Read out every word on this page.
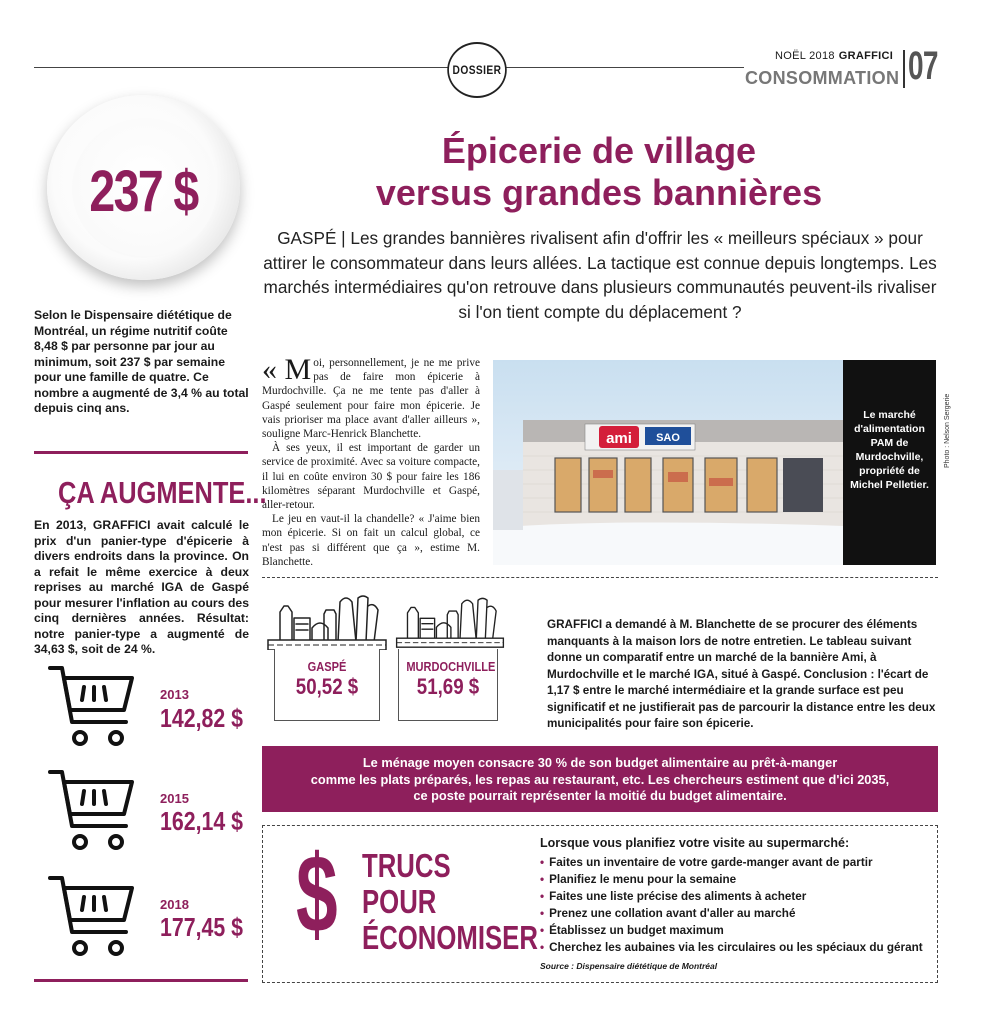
DOSSIER
NOËL 2018 GRAFFICI
CONSOMMATION 07
237 $
Selon le Dispensaire diététique de Montréal, un régime nutritif coûte 8,48 $ par personne par jour au minimum, soit 237 $ par semaine pour une famille de quatre. Ce nombre a augmenté de 3,4 % au total depuis cinq ans.
ÇA AUGMENTE...
En 2013, GRAFFICI avait calculé le prix d'un panier-type d'épicerie à divers endroits dans la province. On a refait le même exercice à deux reprises au marché IGA de Gaspé pour mesurer l'inflation au cours des cinq dernières années. Résultat: notre panier-type a augmenté de 34,63 $, soit de 24 %.
2013
142,82 $
2015
162,14 $
2018
177,45 $
Épicerie de village
versus grandes bannières
GASPÉ | Les grandes bannières rivalisent afin d'offrir les « meilleurs spéciaux » pour attirer le consommateur dans leurs allées. La tactique est connue depuis longtemps. Les marchés intermédiaires qu'on retrouve dans plusieurs communautés peuvent-ils rivaliser si l'on tient compte du déplacement ?

« M oi, personnellement, je ne me prive pas de faire mon épicerie à Murdochville. Ça ne me tente pas d'aller à Gaspé seulement pour faire mon épicerie. Je vais prioriser ma place avant d'aller ailleurs », souligne Marc-Henrick Blanchette.

À ses yeux, il est important de garder un service de proximité. Avec sa voiture compacte, il lui en coûte environ 30 $ pour faire les 186 kilomètres séparant Murdochville et Gaspé, aller-retour.

Le jeu en vaut-il la chandelle? « J'aime bien mon épicerie. Si on fait un calcul global, ce n'est pas si différent que ça », estime M. Blanchette.

ami SAO
Le marché d'alimentation PAM de Murdochville, propriété de Michel Pelletier.
Photo : Nelson Sergerie
GASPÉ
50,52 $
MURDOCHVILLE
51,69 $
GRAFFICI a demandé à M. Blanchette de se procurer des éléments manquants à la maison lors de notre entretien. Le tableau suivant donne un comparatif entre un marché de la bannière Ami, à Murdochville et le marché IGA, situé à Gaspé. Conclusion : l'écart de 1,17 $ entre le marché intermédiaire et la grande surface est peu significatif et ne justifierait pas de parcourir la distance entre les deux municipalités pour faire son épicerie.
Le ménage moyen consacre 30 % de son budget alimentaire au prêt-à-manger
comme les plats préparés, les repas au restaurant, etc. Les chercheurs estiment que d'ici 2035,
ce poste pourrait représenter la moitié du budget alimentaire.
$ TRUCS
POUR
ÉCONOMISER
Lorsque vous planifiez votre visite au supermarché:
• Faites un inventaire de votre garde-manger avant de partir
• Planifiez le menu pour la semaine
• Faites une liste précise des aliments à acheter
• Prenez une collation avant d'aller au marché
• Établissez un budget maximum
• Cherchez les aubaines via les circulaires ou les spéciaux du gérant
Source : Dispensaire diététique de Montréal
